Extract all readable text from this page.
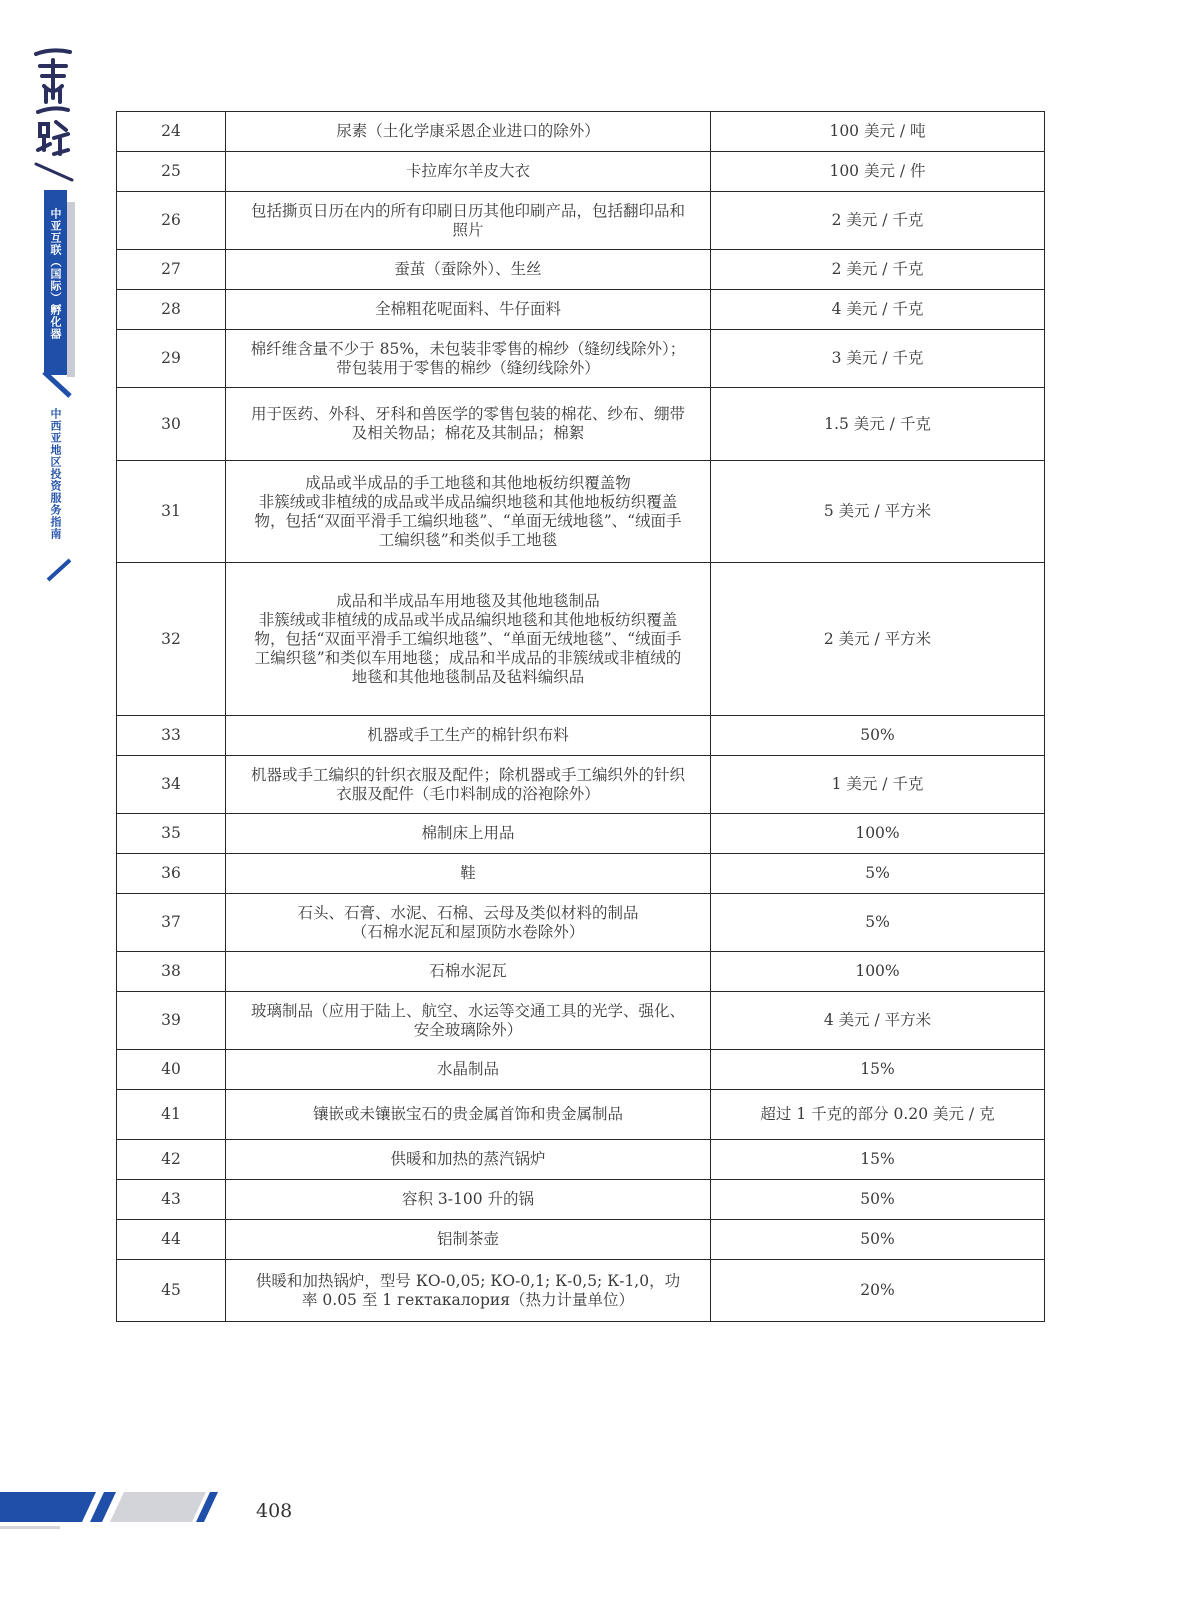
中亚互联（国际）孵化器
中西亚地区投资服务指南
24	尿素（土化学康采恩企业进口的除外）	100 美元 / 吨
25	卡拉库尔羊皮大衣	100 美元 / 件
26	包括撕页日历在内的所有印刷日历其他印刷产品，包括翻印品和照片	2 美元 / 千克
27	蚕茧（蚕除外）、生丝	2 美元 / 千克
28	全棉粗花呢面料、牛仔面料	4 美元 / 千克
29	棉纤维含量不少于 85%，未包装非零售的棉纱（缝纫线除外）；带包装用于零售的棉纱（缝纫线除外）	3 美元 / 千克
30	用于医药、外科、牙科和兽医学的零售包装的棉花、纱布、绷带及相关物品；棉花及其制品；棉絮	1.5 美元 / 千克
31	成品或半成品的手工地毯和其他地板纺织覆盖物
非簇绒或非植绒的成品或半成品编织地毯和其他地板纺织覆盖物，包括“双面平滑手工编织地毯”、“单面无绒地毯”、“绒面手工编织毯”和类似手工地毯	5 美元 / 平方米
32	成品和半成品车用地毯及其他地毯制品
非簇绒或非植绒的成品或半成品编织地毯和其他地板纺织覆盖物，包括“双面平滑手工编织地毯”、“单面无绒地毯”、“绒面手工编织毯”和类似车用地毯；成品和半成品的非簇绒或非植绒的地毯和其他地毯制品及毡料编织品	2 美元 / 平方米
33	机器或手工生产的棉针织布料	50%
34	机器或手工编织的针织衣服及配件；除机器或手工编织外的针织衣服及配件（毛巾料制成的浴袍除外）	1 美元 / 千克
35	棉制床上用品	100%
36	鞋	5%
37	石头、石膏、水泥、石棉、云母及类似材料的制品
（石棉水泥瓦和屋顶防水卷除外）	5%
38	石棉水泥瓦	100%
39	玻璃制品（应用于陆上、航空、水运等交通工具的光学、强化、安全玻璃除外）	4 美元 / 平方米
40	水晶制品	15%
41	镶嵌或未镶嵌宝石的贵金属首饰和贵金属制品	超过 1 千克的部分 0.20 美元 / 克
42	供暖和加热的蒸汽锅炉	15%
43	容积 3-100 升的锅	50%
44	铝制茶壶	50%
45	供暖和加热锅炉，型号 КО-0,05; КО-0,1; К-0,5; К-1,0，功率 0.05 至 1 гектакалория（热力计量单位）	20%
408
